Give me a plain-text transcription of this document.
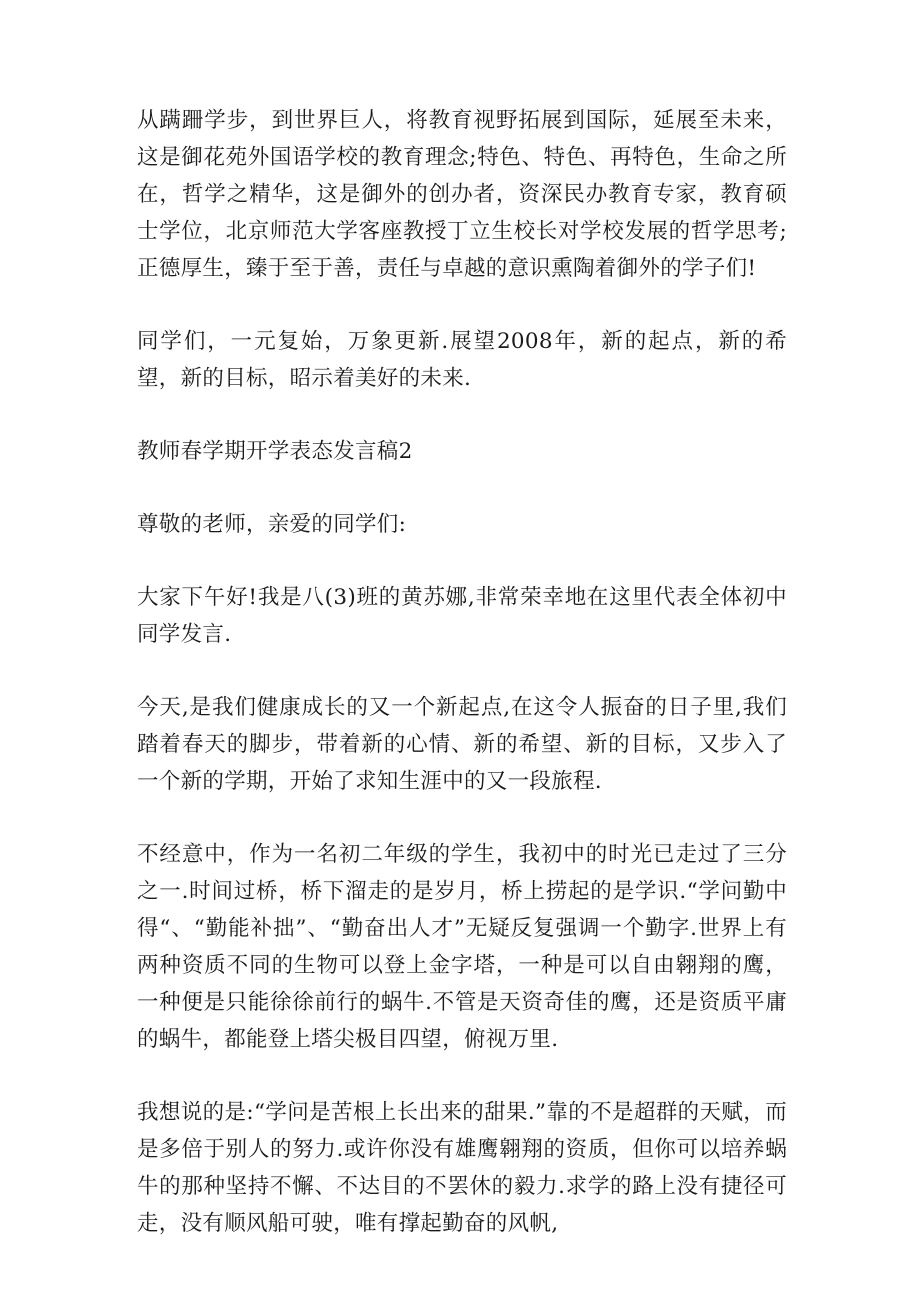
从蹒跚学步，到世界巨人，将教育视野拓展到国际，延展至未来，这是御花苑外国语学校的教育理念;特色、特色、再特色，生命之所在，哲学之精华，这是御外的创办者，资深民办教育专家，教育硕士学位，北京师范大学客座教授丁立生校长对学校发展的哲学思考;正德厚生，臻于至于善，责任与卓越的意识熏陶着御外的学子们!

同学们，一元复始，万象更新.展望2008年，新的起点，新的希望，新的目标，昭示着美好的未来.

教师春学期开学表态发言稿2

尊敬的老师，亲爱的同学们:

大家下午好!我是八(3)班的黄苏娜,非常荣幸地在这里代表全体初中同学发言.

今天,是我们健康成长的又一个新起点,在这令人振奋的日子里,我们踏着春天的脚步，带着新的心情、新的希望、新的目标，又步入了一个新的学期，开始了求知生涯中的又一段旅程.

不经意中，作为一名初二年级的学生，我初中的时光已走过了三分之一.时间过桥，桥下溜走的是岁月，桥上捞起的是学识.“学问勤中得“、“勤能补拙”、“勤奋出人才”无疑反复强调一个勤字.世界上有两种资质不同的生物可以登上金字塔，一种是可以自由翱翔的鹰，一种便是只能徐徐前行的蜗牛.不管是天资奇佳的鹰，还是资质平庸的蜗牛，都能登上塔尖极目四望，俯视万里.

我想说的是:“学问是苦根上长出来的甜果.”靠的不是超群的天赋，而是多倍于别人的努力.或许你没有雄鹰翱翔的资质，但你可以培养蜗牛的那种坚持不懈、不达目的不罢休的毅力.求学的路上没有捷径可走，没有顺风船可驶，唯有撑起勤奋的风帆,
